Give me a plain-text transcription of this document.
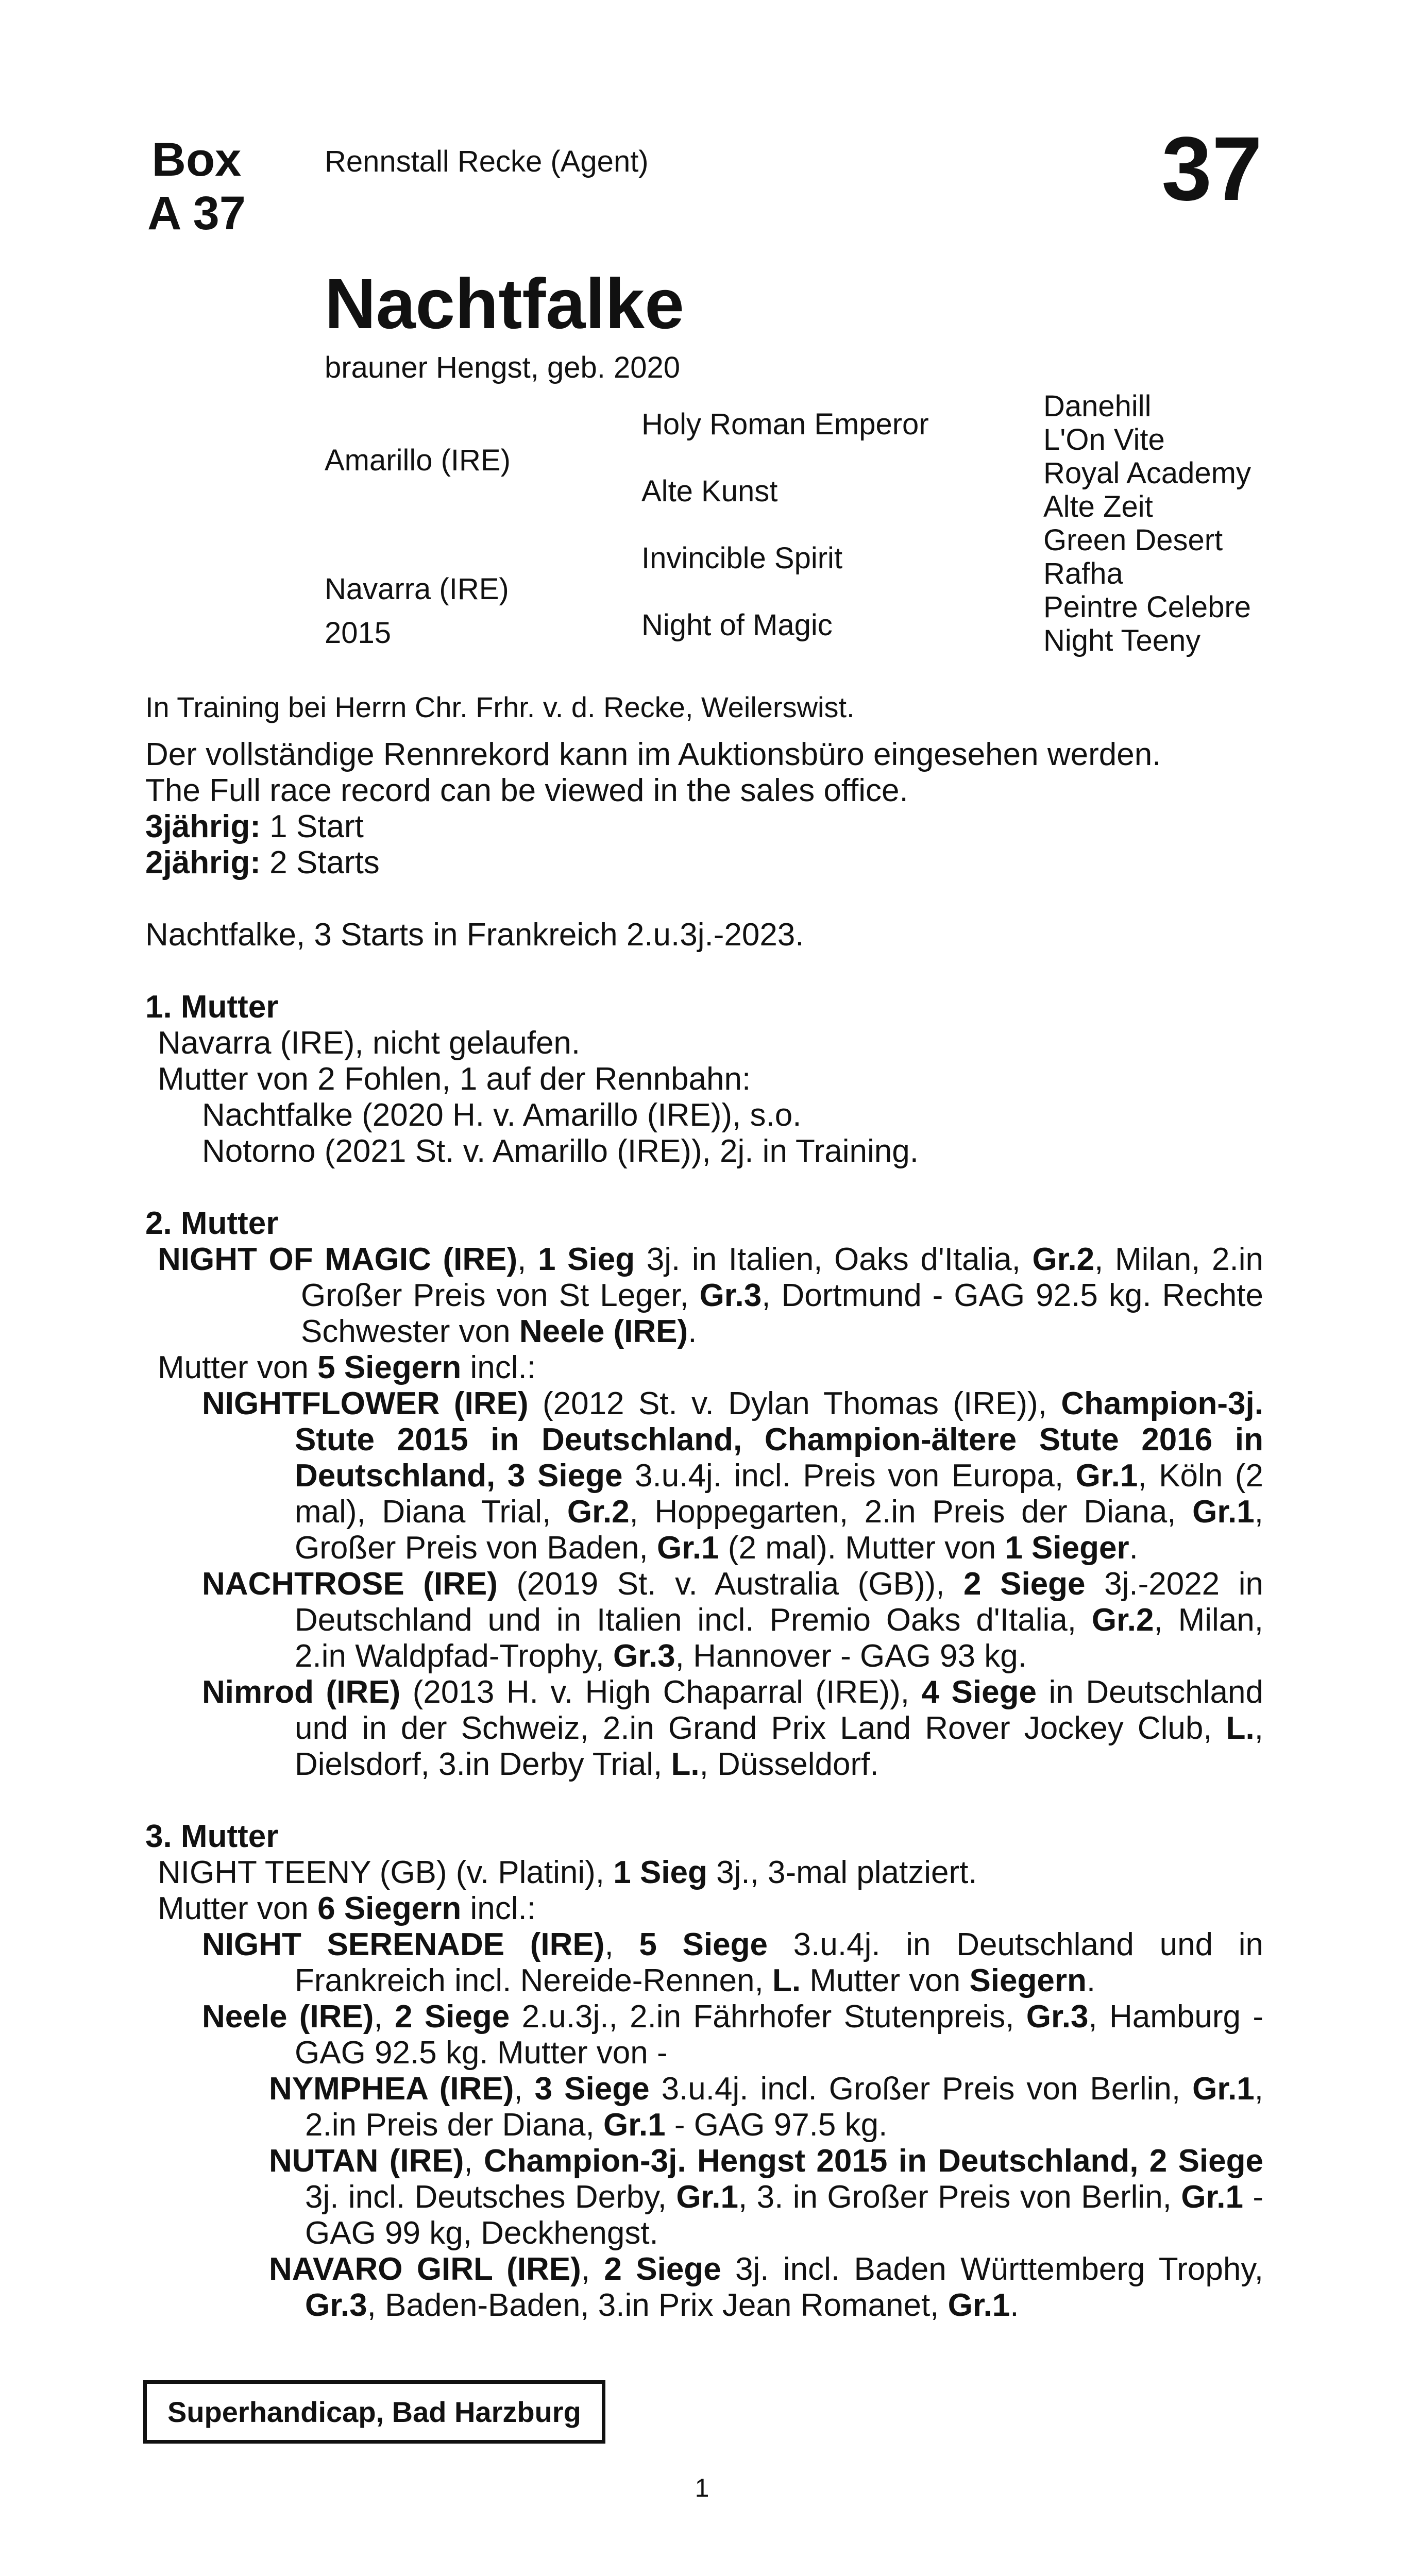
Box
A 37
Rennstall Recke (Agent)	37
Nachtfalke
brauner Hengst, geb. 2020
Amarillo (IRE)
Navarra (IRE)
2015
Holy Roman Emperor
Alte Kunst
Invincible Spirit
Night of Magic
Danehill
L'On Vite
Royal Academy
Alte Zeit
Green Desert
Rafha
Peintre Celebre
Night Teeny
In Training bei Herrn Chr. Frhr. v. d. Recke, Weilerswist.

Der vollständige Rennrekord kann im Auktionsbüro eingesehen werden.

The Full race record can be viewed in the sales office.

3jährig: 1 Start

2jährig: 2 Starts

Nachtfalke, 3 Starts in Frankreich 2.u.3j.-2023.

1. Mutter

Navarra (IRE), nicht gelaufen.

Mutter von 2 Fohlen, 1 auf der Rennbahn:

Nachtfalke (2020 H. v. Amarillo (IRE)), s.o.

Notorno (2021 St. v. Amarillo (IRE)), 2j. in Training.

2. Mutter

NIGHT OF MAGIC (IRE), 1 Sieg 3j. in Italien, Oaks d'Italia, Gr.2, Milan, 2.in Großer Preis von St Leger, Gr.3, Dortmund - GAG 92.5 kg. Rechte Schwester von Neele (IRE).

Mutter von 5 Siegern incl.:

NIGHTFLOWER (IRE) (2012 St. v. Dylan Thomas (IRE)), Champion-3j. Stute 2015 in Deutschland, Champion-ältere Stute 2016 in Deutschland, 3 Siege 3.u.4j. incl. Preis von Europa, Gr.1, Köln (2 mal), Diana Trial, Gr.2, Hoppegarten, 2.in Preis der Diana, Gr.1, Großer Preis von Baden, Gr.1 (2 mal). Mutter von 1 Sieger.

NACHTROSE (IRE) (2019 St. v. Australia (GB)), 2 Siege 3j.-2022 in Deutschland und in Italien incl. Premio Oaks d'Italia, Gr.2, Milan, 2.in Waldpfad-Trophy, Gr.3, Hannover - GAG 93 kg.

Nimrod (IRE) (2013 H. v. High Chaparral (IRE)), 4 Siege in Deutschland und in der Schweiz, 2.in Grand Prix Land Rover Jockey Club, L., Dielsdorf, 3.in Derby Trial, L., Düsseldorf.

3. Mutter

NIGHT TEENY (GB) (v. Platini), 1 Sieg 3j., 3-mal platziert.

Mutter von 6 Siegern incl.:

NIGHT SERENADE (IRE), 5 Siege 3.u.4j. in Deutschland und in Frankreich incl. Nereide-Rennen, L. Mutter von Siegern.

Neele (IRE), 2 Siege 2.u.3j., 2.in Fährhofer Stutenpreis, Gr.3, Hamburg - GAG 92.5 kg. Mutter von -

NYMPHEA (IRE), 3 Siege 3.u.4j. incl. Großer Preis von Berlin, Gr.1, 2.in Preis der Diana, Gr.1 - GAG 97.5 kg.

NUTAN (IRE), Champion-3j. Hengst 2015 in Deutschland, 2 Siege 3j. incl. Deutsches Derby, Gr.1, 3. in Großer Preis von Berlin, Gr.1 - GAG 99 kg, Deckhengst.

NAVARO GIRL (IRE), 2 Siege 3j. incl. Baden Württemberg Trophy, Gr.3, Baden-Baden, 3.in Prix Jean Romanet, Gr.1.

Superhandicap, Bad Harzburg
1
